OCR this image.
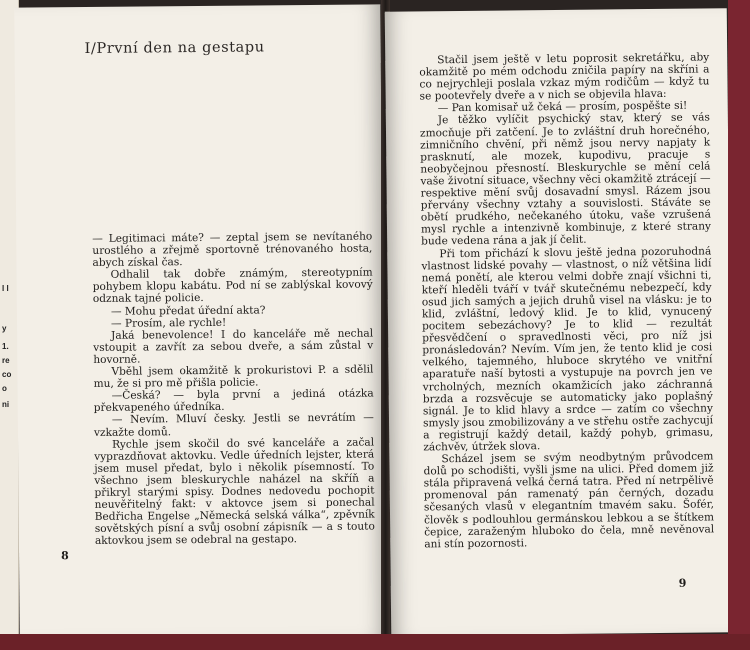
l l
y
1.
re
co
o
ni
I/První den na gestapu

— Legitimaci máte? — zeptal jsem se nevítaného urostlého a zřejmě sportovně trénovaného hosta, abych získal čas.

Odhalil tak dobře známým, stereotypním pohybem klopu kabátu. Pod ní se zablýskal kovový odznak tajné policie.

— Mohu předat úřední akta?

— Prosím, ale rychle!

Jaká benevolence! I do kanceláře mě nechal vstoupit a zavřít za sebou dveře, a sám zůstal v hovorně.

Vběhl jsem okamžitě k prokuristovi P. a sdělil mu, že si pro mě přišla policie.

—Česká? — byla první a jediná otázka překvapeného úředníka.

— Nevím. Mluví česky. Jestli se nevrátím — vzkažte domů.

Rychle jsem skočil do své kanceláře a začal vyprazdňovat aktovku. Vedle úředních lejster, která jsem musel předat, bylo i několik písemností. To všechno jsem bleskurychle naházel na skříň a přikryl starými spisy. Dodnes nedovedu pochopit neuvěřitelný fakt: v aktovce jsem si ponechal Bedřicha Engelse „Německá selská válka“, zpěvník sovětských písní a svůj osobní zápisník — a s touto aktovkou jsem se odebral na gestapo.

8

Stačil jsem ještě v letu poprosit sekretářku, aby okamžitě po mém odchodu zničila papíry na skříni a co nejrychleji poslala vzkaz mým rodičům — když tu se pootevřely dveře a v nich se objevila hlava:

— Pan komisař už čeká — prosím, pospěšte si!

Je těžko vylíčit psychický stav, který se vás zmocňuje při zatčení. Je to zvláštní druh horečného, zimničního chvění, při němž jsou nervy napjaty k prasknutí, ale mozek, kupodivu, pracuje s neobyčejnou přesností. Bleskurychle se mění celá vaše životní situace, všechny věci okamžitě ztrácejí — respektive mění svůj dosavadní smysl. Rázem jsou přervány všechny vztahy a souvislosti. Stáváte se obětí prudkého, nečekaného útoku, vaše vzrušená mysl rychle a intenzivně kombinuje, z které strany bude vedena rána a jak jí čelit.

Při tom přichází k slovu ještě jedna pozoruhodná vlastnost lidské povahy — vlastnost, o níž většina lidí nemá ponětí, ale kterou velmi dobře znají všichni ti, kteří hleděli tváří v tvář skutečnému nebezpečí, kdy osud jich samých a jejich druhů visel na vlásku: je to klid, zvláštní, ledový klid. Je to klid, vynucený pocitem sebezáchovy? Je to klid — rezultát přesvědčení o spravedlnosti věci, pro níž jsi pronásledován? Nevím. Vím jen, že tento klid je cosi velkého, tajemného, hluboce skrytého ve vnitřní aparatuře naší bytosti a vystupuje na povrch jen ve vrcholných, mezních okamžicích jako záchranná brzda a rozsvěcuje se automaticky jako poplašný signál. Je to klid hlavy a srdce — zatím co všechny smysly jsou zmobilizovány a ve střehu ostře zachycují a registrují každý detail, každý pohyb, grimasu, záchvěv, útržek slova.

Scházel jsem se svým neodbytným průvodcem dolů po schodišti, vyšli jsme na ulici. Před domem již stála připravená velká černá tatra. Před ní netrpělivě promenoval pán ramenatý pán černých, dozadu sčesaných vlasů v elegantním tmavém saku. Šofér, člověk s podlouhlou germánskou lebkou a se štítkem čepice, zaraženým hluboko do čela, mně nevěnoval ani stín pozornosti.

9
